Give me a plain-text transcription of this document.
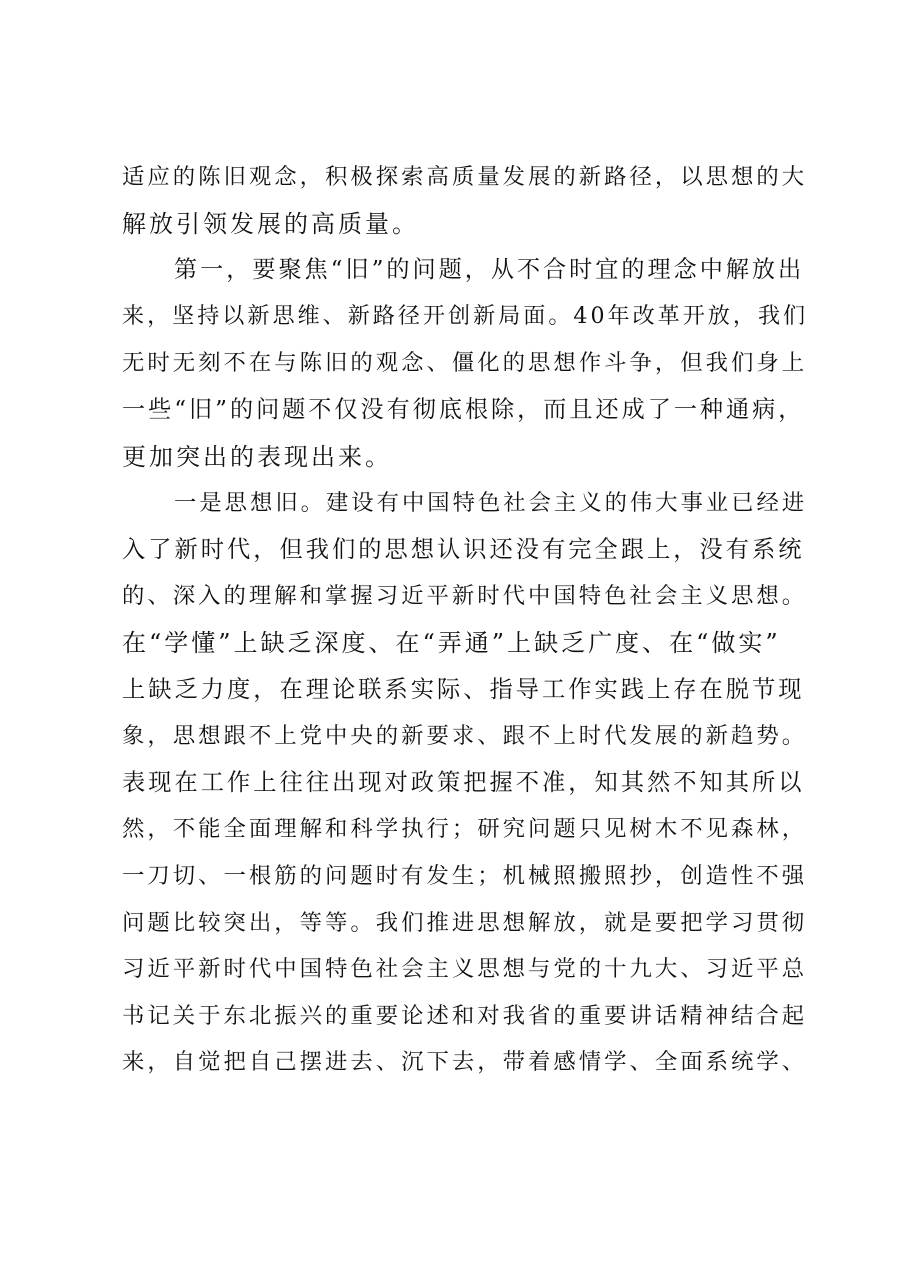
适应的陈旧观念，积极探索高质量发展的新路径，以思想的大
解放引领发展的高质量。
第一，要聚焦“旧”的问题，从不合时宜的理念中解放出
来，坚持以新思维、新路径开创新局面。40年改革开放，我们
无时无刻不在与陈旧的观念、僵化的思想作斗争，但我们身上
一些“旧”的问题不仅没有彻底根除，而且还成了一种通病，
更加突出的表现出来。
一是思想旧。建设有中国特色社会主义的伟大事业已经进
入了新时代，但我们的思想认识还没有完全跟上，没有系统
的、深入的理解和掌握习近平新时代中国特色社会主义思想。
在“学懂”上缺乏深度、在“弄通”上缺乏广度、在“做实”
上缺乏力度，在理论联系实际、指导工作实践上存在脱节现
象，思想跟不上党中央的新要求、跟不上时代发展的新趋势。
表现在工作上往往出现对政策把握不准，知其然不知其所以
然，不能全面理解和科学执行；研究问题只见树木不见森林，
一刀切、一根筋的问题时有发生；机械照搬照抄，创造性不强
问题比较突出，等等。我们推进思想解放，就是要把学习贯彻
习近平新时代中国特色社会主义思想与党的十九大、习近平总
书记关于东北振兴的重要论述和对我省的重要讲话精神结合起
来，自觉把自己摆进去、沉下去，带着感情学、全面系统学、
